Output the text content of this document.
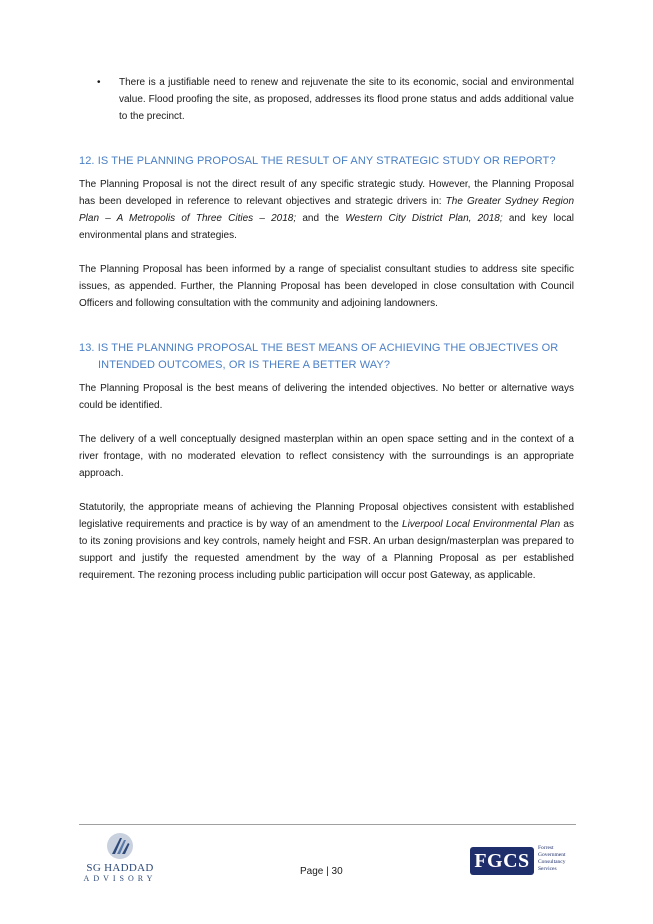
•	There is a justifiable need to renew and rejuvenate the site to its economic, social and environmental value. Flood proofing the site, as proposed, addresses its flood prone status and adds additional value to the precinct.
12. IS THE PLANNING PROPOSAL THE RESULT OF ANY STRATEGIC STUDY OR REPORT?

The Planning Proposal is not the direct result of any specific strategic study. However, the Planning Proposal has been developed in reference to relevant objectives and strategic drivers in: The Greater Sydney Region Plan – A Metropolis of Three Cities – 2018; and the Western City District Plan, 2018; and key local environmental plans and strategies.

The Planning Proposal has been informed by a range of specialist consultant studies to address site specific issues, as appended. Further, the Planning Proposal has been developed in close consultation with Council Officers and following consultation with the community and adjoining landowners.

13. IS THE PLANNING PROPOSAL THE BEST MEANS OF ACHIEVING THE OBJECTIVES OR INTENDED OUTCOMES, OR IS THERE A BETTER WAY?

The Planning Proposal is the best means of delivering the intended objectives. No better or alternative ways could be identified.

The delivery of a well conceptually designed masterplan within an open space setting and in the context of a river frontage, with no moderated elevation to reflect consistency with the surroundings is an appropriate approach.

Statutorily, the appropriate means of achieving the Planning Proposal objectives consistent with established legislative requirements and practice is by way of an amendment to the Liverpool Local Environmental Plan as to its zoning provisions and key controls, namely height and FSR. An urban design/masterplan was prepared to support and justify the requested amendment by the way of a Planning Proposal as per established requirement. The rezoning process including public participation will occur post Gateway, as applicable.

SG HADDAD
ADVISORY
Page | 30	FGCS
Forrest
Government
Consultancy
Services
